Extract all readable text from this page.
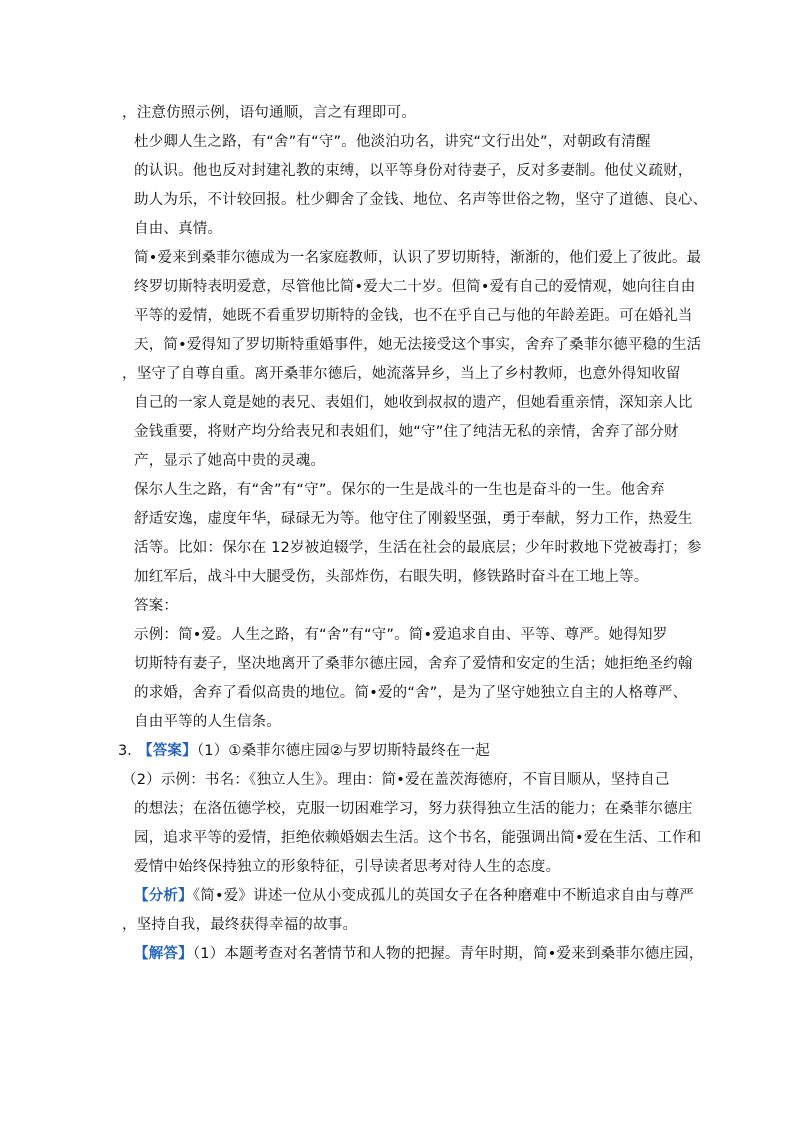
，注意仿照示例，语句通顺，言之有理即可。
杜少卿人生之路，有“舍”有“守”。他淡泊功名，讲究“文行出处”，对朝政有清醒
的认识。他也反对封建礼教的束缚，以平等身份对待妻子，反对多妻制。他仗义疏财，
助人为乐，不计较回报。杜少卿舍了金钱、地位、名声等世俗之物，坚守了道德、良心、
自由、真情。
简•爱来到桑菲尔德成为一名家庭教师，认识了罗切斯特，渐渐的，他们爱上了彼此。最
终罗切斯特表明爱意，尽管他比简•爱大二十岁。但简•爱有自己的爱情观，她向往自由
平等的爱情，她既不看重罗切斯特的金钱，也不在乎自己与他的年龄差距。可在婚礼当
天，简•爱得知了罗切斯特重婚事件，她无法接受这个事实，舍弃了桑菲尔德平稳的生活
，坚守了自尊自重。离开桑菲尔德后，她流落异乡，当上了乡村教师，也意外得知收留
自己的一家人竟是她的表兄、表姐们，她收到叔叔的遗产，但她看重亲情，深知亲人比
金钱重要，将财产均分给表兄和表姐们，她“守”住了纯洁无私的亲情，舍弃了部分财
产，显示了她高中贵的灵魂。
保尔人生之路，有“舍”有“守”。保尔的一生是战斗的一生也是奋斗的一生。他舍弃
舒适安逸，虚度年华，碌碌无为等。他守住了刚毅坚强，勇于奉献，努力工作，热爱生
活等。比如：保尔在 12岁被迫辍学，生活在社会的最底层；少年时救地下党被毒打；参
加红军后，战斗中大腿受伤，头部炸伤，右眼失明，修铁路时奋斗在工地上等。
答案：
示例：简•爱。人生之路，有“舍”有“守”。简•爱追求自由、平等、尊严。她得知罗
切斯特有妻子，坚决地离开了桑菲尔德庄园，舍弃了爱情和安定的生活；她拒绝圣约翰
的求婚，舍弃了看似高贵的地位。简•爱的“舍”，是为了坚守她独立自主的人格尊严、
自由平等的人生信条。
3．
【答案】（1）①桑菲尔德庄园②与罗切斯特最终在一起
（2）示例：书名：《独立人生》。理由：简•爱在盖茨海德府，不盲目顺从，坚持自己
的想法；在洛伍德学校，克服一切困难学习，努力获得独立生活的能力；在桑菲尔德庄
园，追求平等的爱情，拒绝依赖婚姻去生活。这个书名，能强调出简•爱在生活、工作和
爱情中始终保持独立的形象特征，引导读者思考对待人生的态度。
【分析】《简•爱》讲述一位从小变成孤儿的英国女子在各种磨难中不断追求自由与尊严
，坚持自我，最终获得幸福的故事。
【解答】（1）本题考查对名著情节和人物的把握。青年时期，简•爱来到桑菲尔德庄园，
